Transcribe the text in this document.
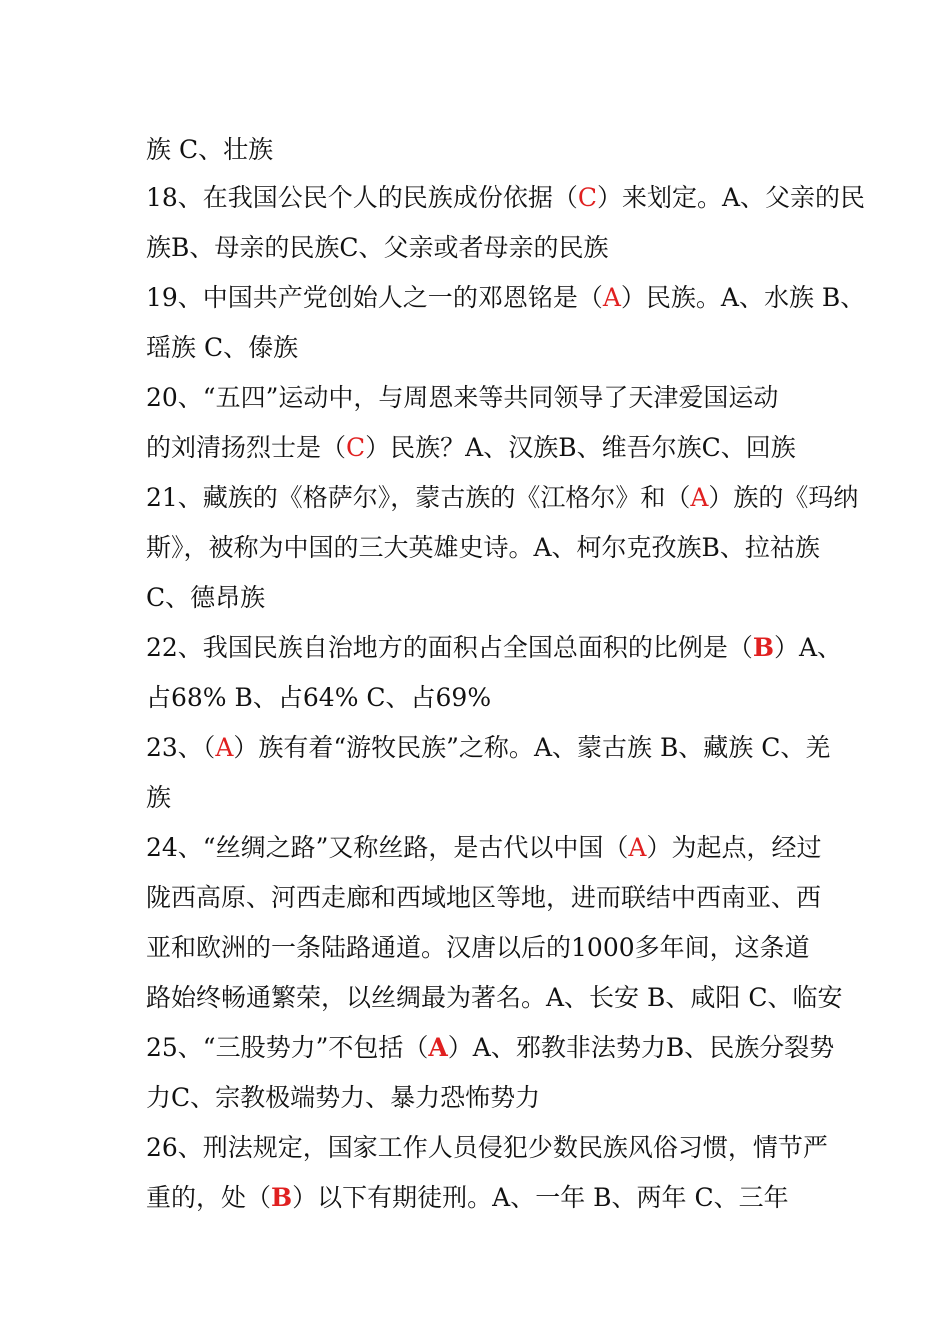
族 C、壮族
18、在我国公民个人的民族成份依据（C）来划定。A、父亲的民
族B、母亲的民族C、父亲或者母亲的民族
19、中国共产党创始人之一的邓恩铭是（A）民族。A、水族 B、
瑶族 C、傣族
20、“五四”运动中，与周恩来等共同领导了天津爱国运动
的刘清扬烈士是（C）民族？A、汉族B、维吾尔族C、回族
21、藏族的《格萨尔》，蒙古族的《江格尔》和（A）族的《玛纳
斯》，被称为中国的三大英雄史诗。A、柯尔克孜族B、拉祜族
C、德昂族
22、我国民族自治地方的面积占全国总面积的比例是（B）A、
占68% B、占64% C、占69%
23、（A）族有着“游牧民族”之称。A、蒙古族 B、藏族 C、羌
族
24、“丝绸之路”又称丝路，是古代以中国（A）为起点，经过
陇西高原、河西走廊和西域地区等地，进而联结中西南亚、西
亚和欧洲的一条陆路通道。汉唐以后的1000多年间，这条道
路始终畅通繁荣，以丝绸最为著名。A、长安 B、咸阳 C、临安
25、“三股势力”不包括（A）A、邪教非法势力B、民族分裂势
力C、宗教极端势力、暴力恐怖势力
26、刑法规定，国家工作人员侵犯少数民族风俗习惯，情节严
重的，处（B）以下有期徒刑。A、一年 B、两年 C、三年
